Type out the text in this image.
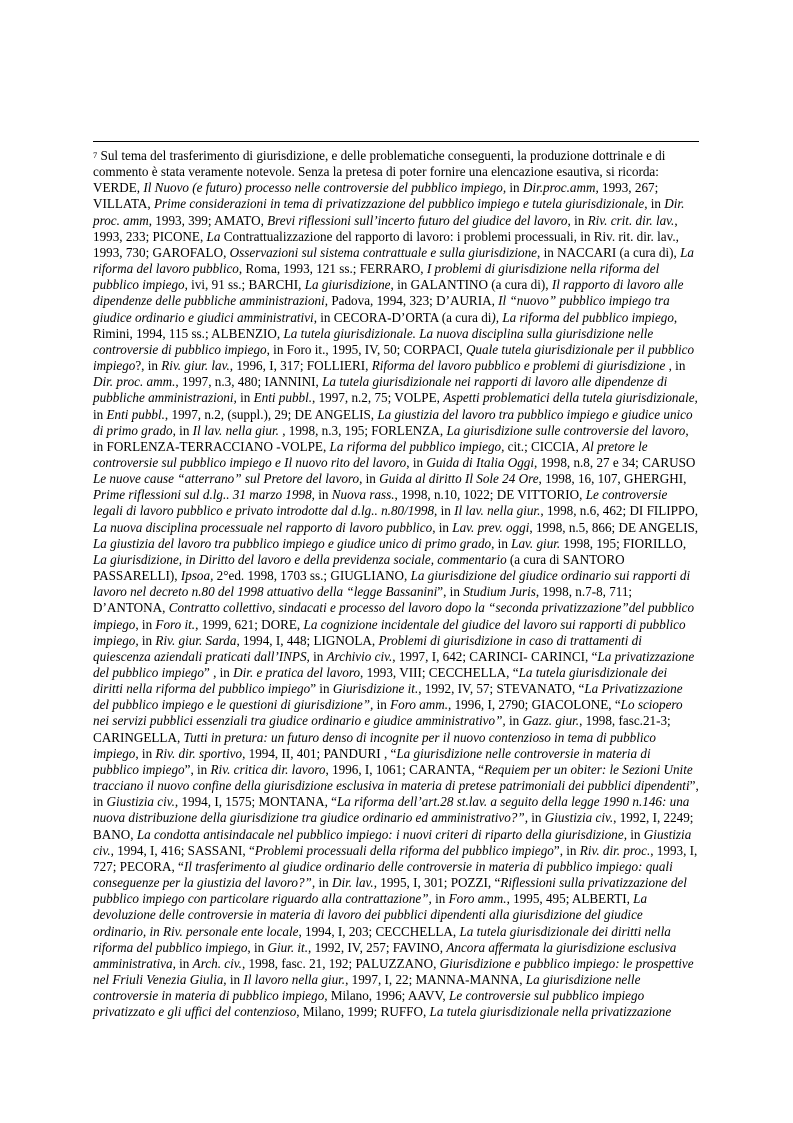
$^7$ Sul tema del trasferimento di giurisdizione, e delle problematiche conseguenti, la produzione dottrinale e di commento è stata veramente notevole. Senza la pretesa di poter fornire una elencazione esautiva, si ricorda: VERDE, Il Nuovo (e futuro) processo nelle controversie del pubblico impiego, in Dir.proc.amm, 1993, 267; VILLATA, Prime considerazioni in tema di privatizzazione del pubblico impiego e tutela giurisdizionale, in Dir. proc. amm, 1993, 399; AMATO, Brevi riflessioni sull’incerto futuro del giudice del lavoro, in Riv. crit. dir. lav., 1993, 233; PICONE, La Contrattualizzazione del rapporto di lavoro: i problemi processuali, in Riv. rit. dir. lav., 1993, 730; GAROFALO, Osservazioni sul sistema contrattuale e sulla giurisdizione, in NACCARI (a cura di), La riforma del lavoro pubblico, Roma, 1993, 121 ss.; FERRARO, I problemi di giurisdizione nella riforma del pubblico impiego, ivi, 91 ss.; BARCHI, La giurisdizione, in GALANTINO (a cura di), Il rapporto di lavoro alle dipendenze delle pubbliche amministrazioni, Padova, 1994, 323; D’AURIA, Il “nuovo” pubblico impiego tra giudice ordinario e giudici amministrativi, in CECORA-D’ORTA (a cura di), La riforma del pubblico impiego, Rimini, 1994, 115 ss.; ALBENZIO, La tutela giurisdizionale. La nuova disciplina sulla giurisdizione nelle controversie di pubblico impiego, in Foro it., 1995, IV, 50; CORPACI, Quale tutela giurisdizionale per il pubblico impiego?, in Riv. giur. lav., 1996, I, 317; FOLLIERI, Riforma del lavoro pubblico e problemi di giurisdizione , in Dir. proc. amm., 1997, n.3, 480; IANNINI, La tutela giurisdizionale nei rapporti di lavoro alle dipendenze di pubbliche amministrazioni, in Enti pubbl., 1997, n.2, 75; VOLPE, Aspetti problematici della tutela giurisdizionale, in Enti pubbl., 1997, n.2, (suppl.), 29; DE ANGELIS, La giustizia del lavoro tra pubblico impiego e giudice unico di primo grado, in Il lav. nella giur. , 1998, n.3, 195; FORLENZA, La giurisdizione sulle controversie del lavoro, in FORLENZA-TERRACCIANO -VOLPE, La riforma del pubblico impiego, cit.; CICCIA, Al pretore le controversie sul pubblico impiego e Il nuovo rito del lavoro, in Guida di Italia Oggi, 1998, n.8, 27 e 34; CARUSO Le nuove cause “atterrano” sul Pretore del lavoro, in Guida al diritto Il Sole 24 Ore, 1998, 16, 107, GHERGHI, Prime riflessioni sul d.lg.. 31 marzo 1998, in Nuova rass., 1998, n.10, 1022; DE VITTORIO, Le controversie legali di lavoro pubblico e privato introdotte dal d.lg.. n.80/1998, in Il lav. nella giur., 1998, n.6, 462; DI FILIPPO, La nuova disciplina processuale nel rapporto di lavoro pubblico, in Lav. prev. oggi, 1998, n.5, 866; DE ANGELIS, La giustizia del lavoro tra pubblico impiego e giudice unico di primo grado, in Lav. giur. 1998, 195; FIORILLO, La giurisdizione, in Diritto del lavoro e della previdenza sociale, commentario (a cura di SANTORO PASSARELLI), Ipsoa, 2°ed. 1998, 1703 ss.; GIUGLIANO, La giurisdizione del giudice ordinario sui rapporti di lavoro nel decreto n.80 del 1998 attuativo della “legge Bassanini”, in Studium Juris, 1998, n.7-8, 711; D’ANTONA, Contratto collettivo, sindacati e processo del lavoro dopo la “seconda privatizzazione”del pubblico impiego, in Foro it., 1999, 621; DORE, La cognizione incidentale del giudice del lavoro sui rapporti di pubblico impiego, in Riv. giur. Sarda, 1994, I, 448; LIGNOLA, Problemi di giurisdizione in caso di trattamenti di quiescenza aziendali praticati dall’INPS, in Archivio civ., 1997, I, 642; CARINCI- CARINCI, “La privatizzazione del pubblico impiego” , in Dir. e pratica del lavoro, 1993, VIII; CECCHELLA, “La tutela giurisdizionale dei diritti nella riforma del pubblico impiego” in Giurisdizione it., 1992, IV, 57; STEVANATO, “La Privatizzazione del pubblico impiego e le questioni di giurisdizione”, in Foro amm., 1996, I, 2790; GIACOLONE, “Lo sciopero nei servizi pubblici essenziali tra giudice ordinario e giudice amministrativo”, in Gazz. giur., 1998, fasc.21-3; CARINGELLA, Tutti in pretura: un futuro denso di incognite per il nuovo contenzioso in tema di pubblico impiego, in Riv. dir. sportivo, 1994, II, 401; PANDURI , “La giurisdizione nelle controversie in materia di pubblico impiego”, in Riv. critica dir. lavoro, 1996, I, 1061; CARANTA, “Requiem per un obiter: le Sezioni Unite tracciano il nuovo confine della giurisdizione esclusiva in materia di pretese patrimoniali dei pubblici dipendenti”, in Giustizia civ., 1994, I, 1575; MONTANA, “La riforma dell’art.28 st.lav. a seguito della legge 1990 n.146: una nuova distribuzione della giurisdizione tra giudice ordinario ed amministrativo?”, in Giustizia civ., 1992, I, 2249; BANO, La condotta antisindacale nel pubblico impiego: i nuovi criteri di riparto della giurisdizione, in Giustizia civ., 1994, I, 416; SASSANI, “Problemi processuali della riforma del pubblico impiego”, in Riv. dir. proc., 1993, I, 727; PECORA, “Il trasferimento al giudice ordinario delle controversie in materia di pubblico impiego: quali conseguenze per la giustizia del lavoro?”, in Dir. lav., 1995, I, 301; POZZI, “Riflessioni sulla privatizzazione del pubblico impiego con particolare riguardo alla contrattazione”, in Foro amm., 1995, 495; ALBERTI, La devoluzione delle controversie in materia di lavoro dei pubblici dipendenti alla giurisdizione del giudice ordinario, in Riv. personale ente locale, 1994, I, 203; CECCHELLA, La tutela giurisdizionale dei diritti nella riforma del pubblico impiego, in Giur. it., 1992, IV, 257; FAVINO, Ancora affermata la giurisdizione esclusiva amministrativa, in Arch. civ., 1998, fasc. 21, 192; PALUZZANO, Giurisdizione e pubblico impiego: le prospettive nel Friuli Venezia Giulia, in Il lavoro nella giur., 1997, I, 22; MANNA-MANNA, La giurisdizione nelle controversie in materia di pubblico impiego, Milano, 1996; AAVV, Le controversie sul pubblico impiego privatizzato e gli uffici del contenzioso, Milano, 1999; RUFFO, La tutela giurisdizionale nella privatizzazione
